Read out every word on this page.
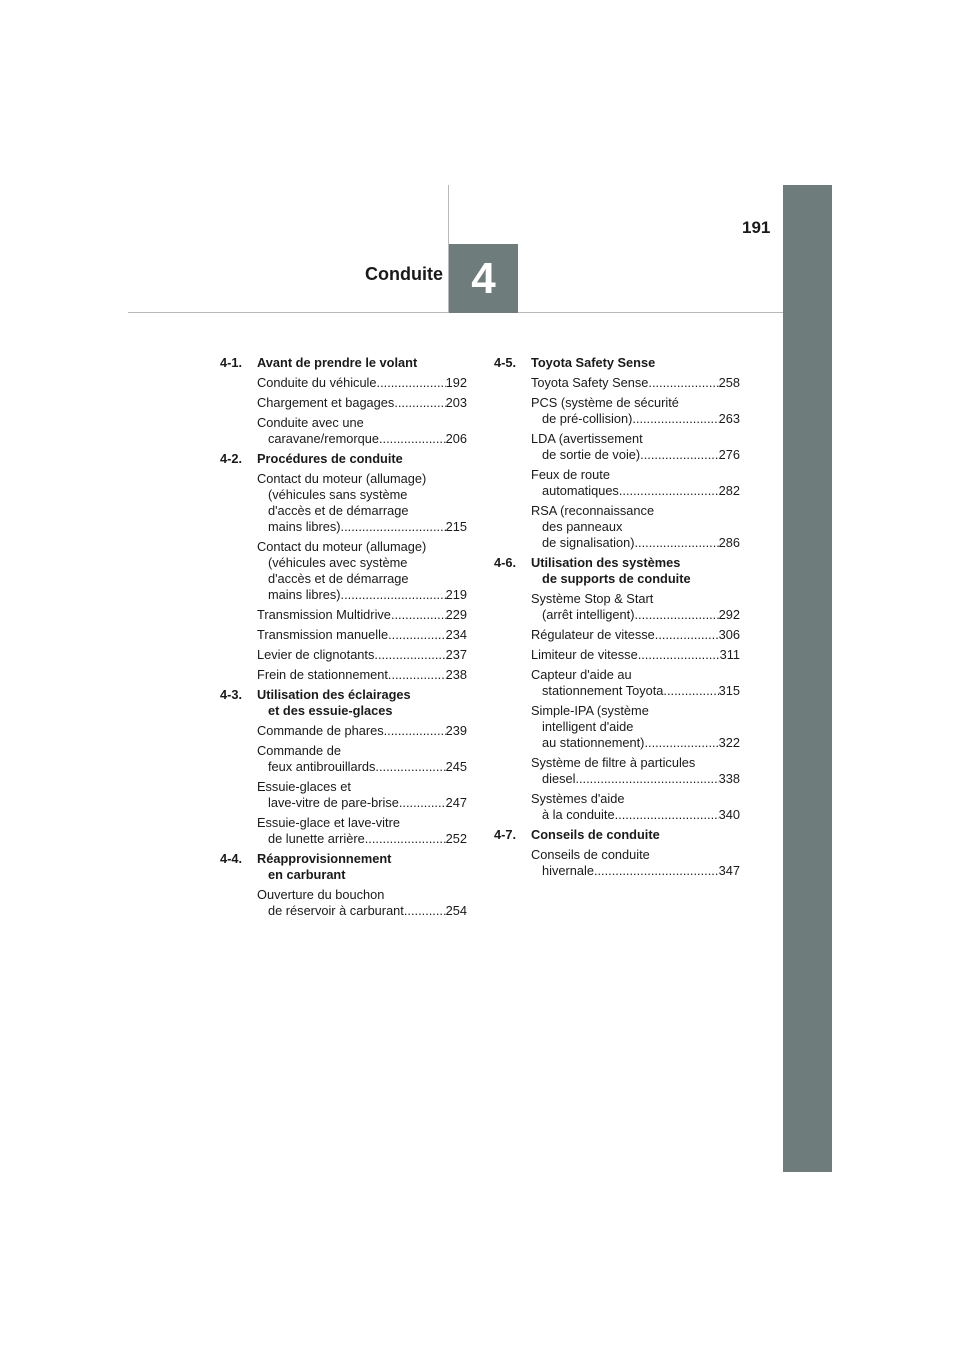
4
Conduite
191
4-1.	Avant de prendre le volant
Conduite du véhicule .....	192
Chargement et bagages .....	203
Conduite avec une
caravane/remorque .....	206
4-2.	Procédures de conduite
Contact du moteur (allumage)
(véhicules sans système
d'accès et de démarrage
mains libres) .....	215
Contact du moteur (allumage)
(véhicules avec système
d'accès et de démarrage
mains libres) .....	219
Transmission Multidrive .....	229
Transmission manuelle .....	234
Levier de clignotants .....	237
Frein de stationnement .....	238
4-3.	Utilisation des éclairages
et des essuie-glaces
Commande de phares .....	239
Commande de
feux antibrouillards .....	245
Essuie-glaces et
lave-vitre de pare-brise .....	247
Essuie-glace et lave-vitre
de lunette arrière .....	252
4-4.	Réapprovisionnement
en carburant
Ouverture du bouchon
de réservoir à carburant .....	254
4-5.	Toyota Safety Sense
Toyota Safety Sense .....	258
PCS (système de sécurité
de pré-collision) .....	263
LDA (avertissement
de sortie de voie) .....	276
Feux de route
automatiques .....	282
RSA (reconnaissance
des panneaux
de signalisation) .....	286
4-6.	Utilisation des systèmes
de supports de conduite
Système Stop & Start
(arrêt intelligent) .....	292
Régulateur de vitesse .....	306
Limiteur de vitesse .....	311
Capteur d'aide au
stationnement Toyota .....	315
Simple-IPA (système
intelligent d'aide
au stationnement) .....	322
Système de filtre à particules
diesel .....	338
Systèmes d'aide
à la conduite .....	340
4-7.	Conseils de conduite
Conseils de conduite
hivernale .....	347
